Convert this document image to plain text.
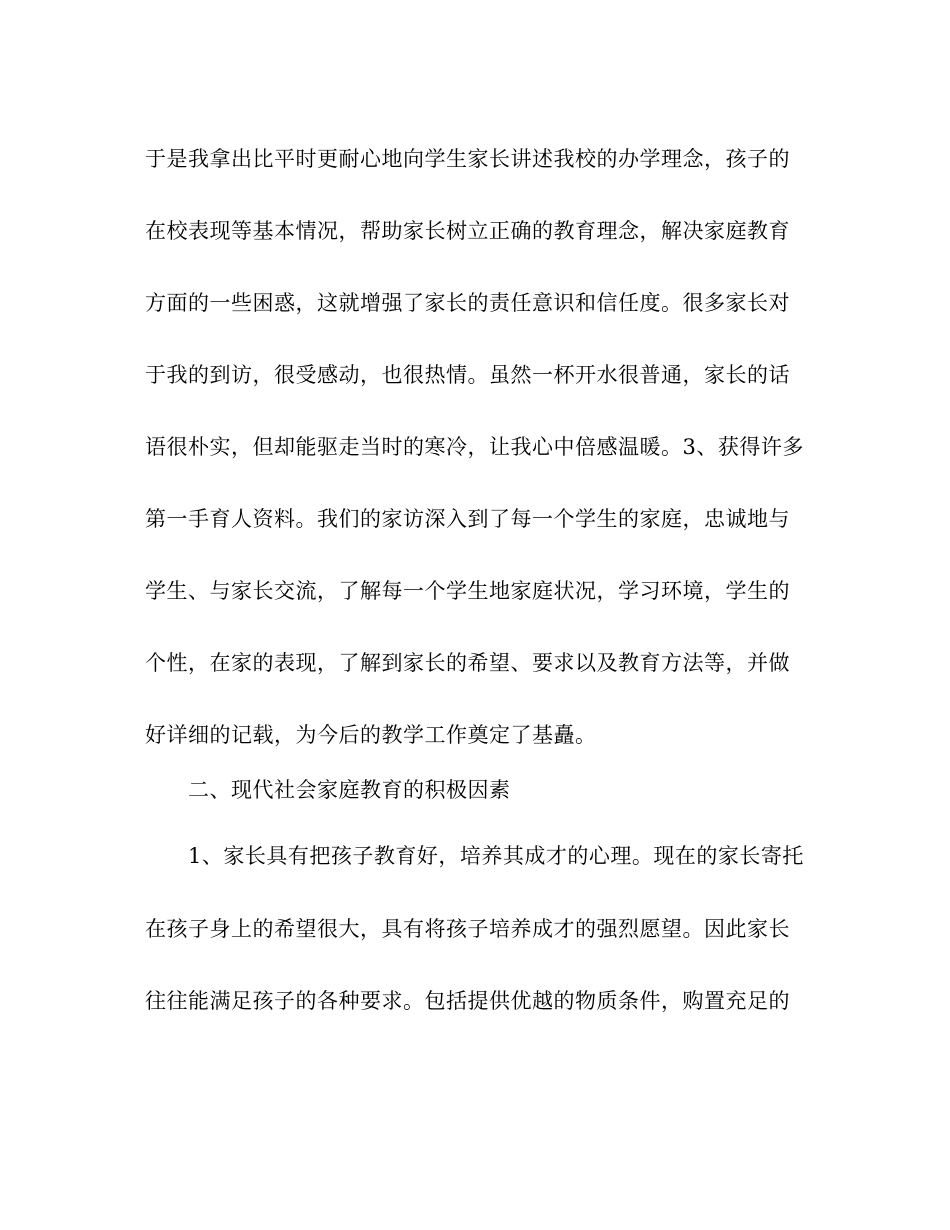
于是我拿出比平时更耐心地向学生家长讲述我校的办学理念，孩子的
在校表现等基本情况，帮助家长树立正确的教育理念，解决家庭教育
方面的一些困惑，这就增强了家长的责任意识和信任度。很多家长对
于我的到访，很受感动，也很热情。虽然一杯开水很普通，家长的话
语很朴实，但却能驱走当时的寒冷，让我心中倍感温暖。3、获得许多
第一手育人资料。我们的家访深入到了每一个学生的家庭，忠诚地与
学生、与家长交流，了解每一个学生地家庭状况，学习环境，学生的
个性，在家的表现，了解到家长的希望、要求以及教育方法等，并做
好详细的记载，为今后的教学工作奠定了基矗。
二、现代社会家庭教育的积极因素
1、家长具有把孩子教育好，培养其成才的心理。现在的家长寄托
在孩子身上的希望很大，具有将孩子培养成才的强烈愿望。因此家长
往往能满足孩子的各种要求。包括提供优越的物质条件，购置充足的
